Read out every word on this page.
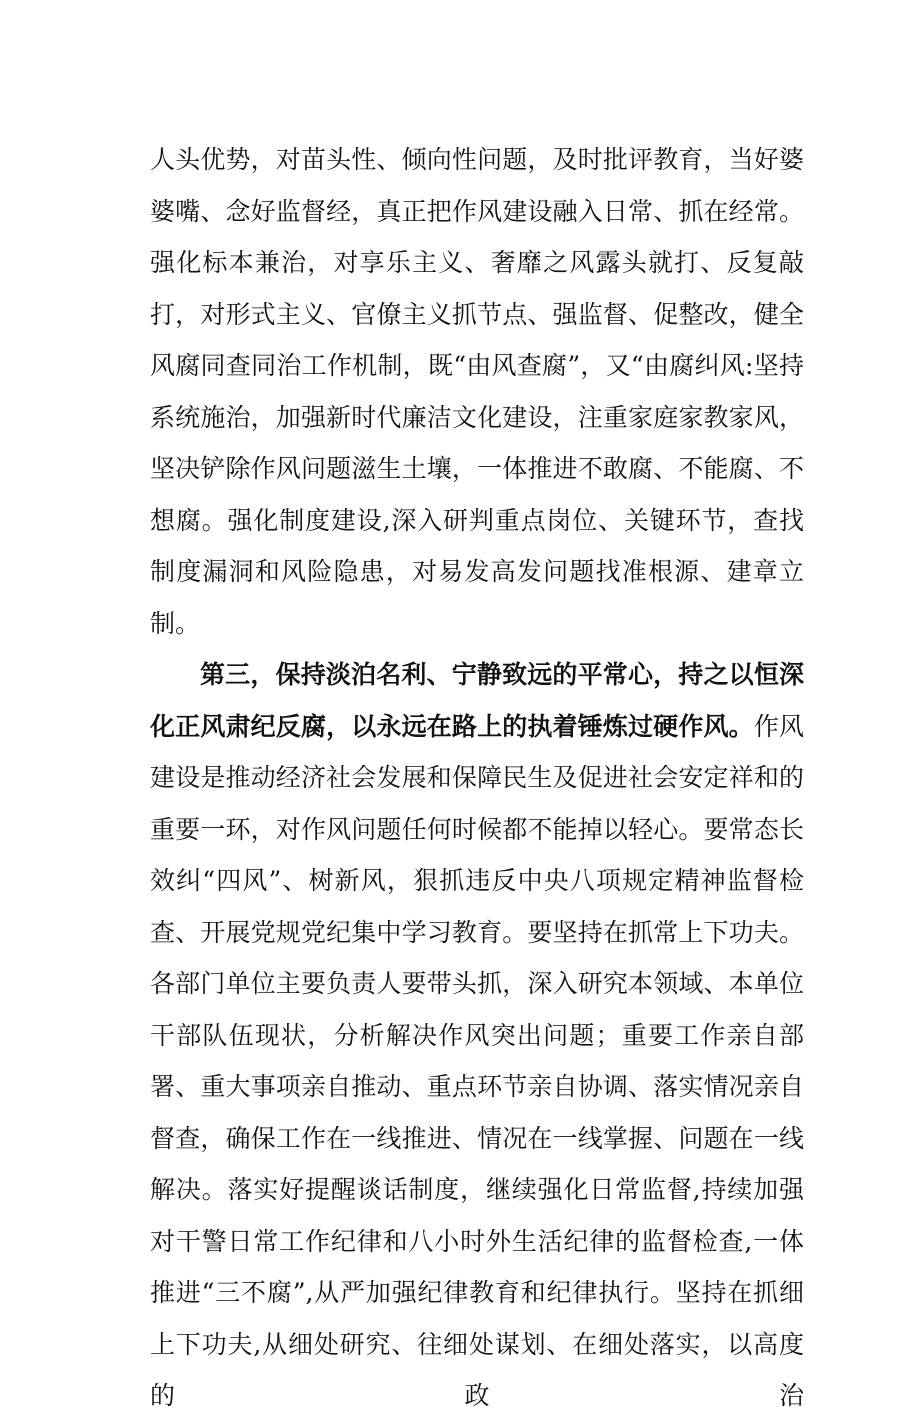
人头优势，对苗头性、倾向性问题，及时批评教育，当好婆婆嘴、念好监督经，真正把作风建设融入日常、抓在经常。强化标本兼治，对享乐主义、奢靡之风露头就打、反复敲打，对形式主义、官僚主义抓节点、强监督、促整改，健全风腐同查同治工作机制，既“由风查腐”，又“由腐纠风:坚持系统施治，加强新时代廉洁文化建设，注重家庭家教家风，坚决铲除作风问题滋生土壤，一体推进不敢腐、不能腐、不想腐。强化制度建设,深入研判重点岗位、关键环节，查找制度漏洞和风险隐患，对易发高发问题找准根源、建章立制。

第三，保持淡泊名利、宁静致远的平常心，持之以恒深化正风肃纪反腐，以永远在路上的执着锤炼过硬作风。作风建设是推动经济社会发展和保障民生及促进社会安定祥和的重要一环，对作风问题任何时候都不能掉以轻心。要常态长效纠“四风”、树新风，狠抓违反中央八项规定精神监督检查、开展党规党纪集中学习教育。要坚持在抓常上下功夫。各部门单位主要负责人要带头抓，深入研究本领域、本单位干部队伍现状，分析解决作风突出问题；重要工作亲自部署、重大事项亲自推动、重点环节亲自协调、落实情况亲自督查，确保工作在一线推进、情况在一线掌握、问题在一线解决。落实好提醒谈话制度，继续强化日常监督,持续加强对干警日常工作纪律和八小时外生活纪律的监督检查,一体推进“三不腐”,从严加强纪律教育和纪律执行。坚持在抓细上下功夫,从细处研究、往细处谋划、在细处落实，以高度的政治
